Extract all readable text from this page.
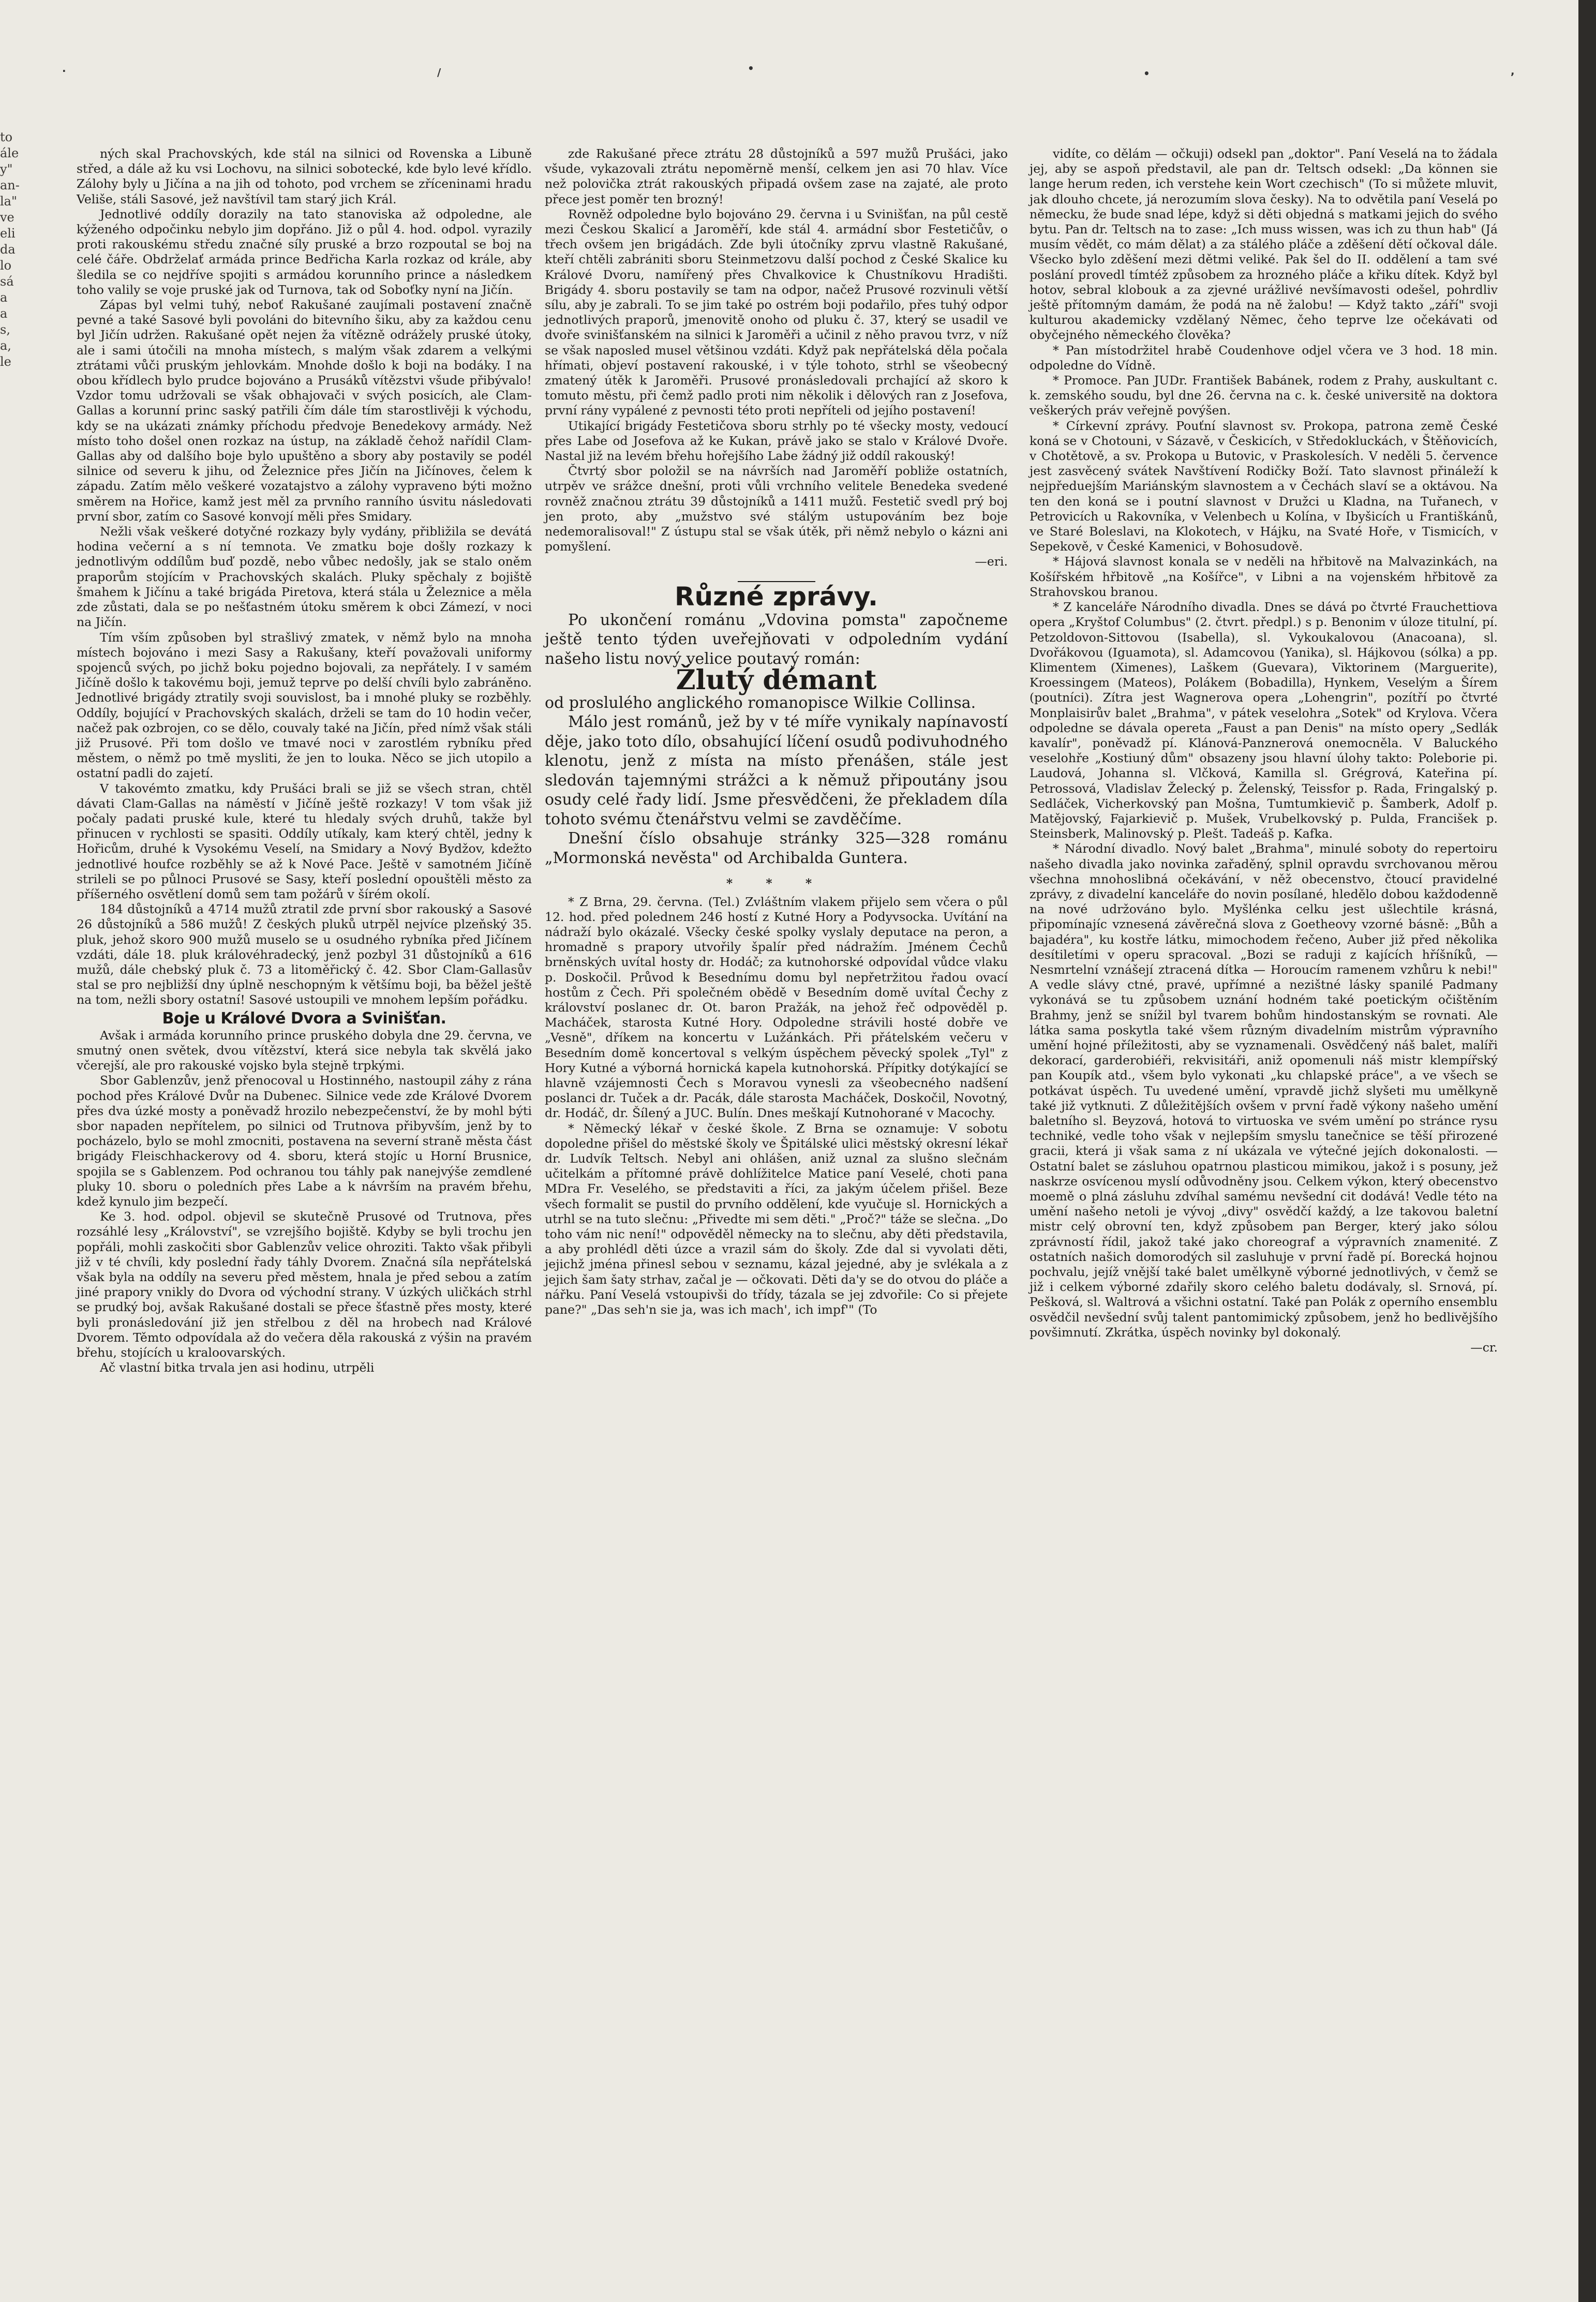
.	/	•	•	,
to
ále
y"
an-
la"
ve
eli
da
lo
sá
a
a
s,
a,
le

ných skal Prachovských, kde stál na silnici od Rovenska a Libuně střed, a dále až ku vsi Lochovu, na silnici sobotecké, kde bylo levé křídlo. Zálohy byly u Jičína a na jih od tohoto, pod vrchem se zříceninami hradu Veliše, stáli Sasové, jež navštívil tam starý jich Král.

Jednotlivé oddíly dorazily na tato stanoviska až odpoledne, ale kýženého odpočinku nebylo jim dopřáno. Již o půl 4. hod. odpol. vyrazily proti rakouskému středu značné síly pruské a brzo rozpoutal se boj na celé čáře. Obdrželať armáda prince Bedřicha Karla rozkaz od krále, aby šledila se co nejdříve spojiti s armádou korunního prince a následkem toho valily se voje pruské jak od Turnova, tak od Soboťky nyní na Jičín.

Zápas byl velmi tuhý, neboť Rakušané zaujímali postavení značně pevné a také Sasové byli povoláni do bitevního šiku, aby za každou cenu byl Jičín udržen. Rakušané opět nejen ža vítězně odrážely pruské útoky, ale i sami útočili na mnoha místech, s malým však zdarem a velkými ztrátami vůči pruským jehlovkám. Mnohde došlo k boji na bodáky. I na obou křídlech bylo prudce bojováno a Prusáků vítězstvi všude přibývalo! Vzdor tomu udržovali se však obhajovači v svých posicích, ale Clam-Gallas a korunní princ saský patřili čím dále tím starostlivěji k východu, kdy se na ukázati známky příchodu předvoje Benedekovy armády. Než místo toho došel onen rozkaz na ústup, na základě čehož nařídil Clam-Gallas aby od dalšího boje bylo upuštěno a sbory aby postavily se podél silnice od severu k jihu, od Železnice přes Jičín na Jičínoves, čelem k západu. Zatím mělo veškeré vozatajstvo a zálohy vypraveno býti možno směrem na Hořice, kamž jest měl za prvního ranního úsvitu následovati první sbor, zatím co Sasové konvojí měli přes Smidary.

Nežli však veškeré dotyčné rozkazy byly vydány, přibližila se devátá hodina večerní a s ní temnota. Ve zmatku boje došly rozkazy k jednotlivým oddílům buď pozdě, nebo vůbec nedošly, jak se stalo oněm praporům stojícím v Prachovských skalách. Pluky spěchaly z bojiště šmahem k Jičínu a také brigáda Piretova, která stála u Železnice a měla zde zůstati, dala se po nešťastném útoku směrem k obci Zámezí, v noci na Jičín.

Tím vším způsoben byl strašlivý zmatek, v němž bylo na mnoha místech bojováno i mezi Sasy a Rakušany, kteří považovali uniformy spojenců svých, po jichž boku pojedno bojovali, za nepřátely. I v samém Jičíně došlo k takovému boji, jemuž teprve po delší chvíli bylo zabráněno. Jednotlivé brigády ztratily svoji souvislost, ba i mnohé pluky se rozběhly. Oddíly, bojující v Prachovských skalách, drželi se tam do 10 hodin večer, načež pak ozbrojen, co se dělo, couvaly také na Jičín, před nímž však stáli již Prusové. Při tom došlo ve tmavé noci v zarostlém rybníku před městem, o němž po tmě mysliti, že jen to louka. Něco se jich utopilo a ostatní padli do zajetí.

V takovémto zmatku, kdy Prušáci brali se již se všech stran, chtěl dávati Clam-Gallas na náměstí v Jičíně ještě rozkazy! V tom však již počaly padati pruské kule, které tu hledaly svých druhů, takže byl přinucen v rychlosti se spasiti. Oddíly utíkaly, kam který chtěl, jedny k Hořicům, druhé k Vysokému Veselí, na Smidary a Nový Bydžov, kdežto jednotlivé houfce rozběhly se až k Nové Pace. Ještě v samotném Jičíně strileli se po půlnoci Prusové se Sasy, kteří poslední opouštěli město za příšerného osvětlení domů sem tam požárů v šírém okolí.

184 důstojníků a 4714 mužů ztratil zde první sbor rakouský a Sasové 26 důstojníků a 586 mužů! Z českých pluků utrpěl nejvíce plzeňský 35. pluk, jehož skoro 900 mužů muselo se u osudného rybníka před Jičínem vzdáti, dále 18. pluk královéhradecký, jenž pozbyl 31 důstojníků a 616 mužů, dále chebský pluk č. 73 a litoměřický č. 42. Sbor Clam-Gallasův stal se pro nejbližší dny úplně neschopným k většímu boji, ba běžel ještě na tom, nežli sbory ostatní! Sasové ustoupili ve mnohem lepším pořádku.

Boje u Králové Dvora a Svinišťan.

Avšak i armáda korunního prince pruského dobyla dne 29. června, ve smutný onen světek, dvou vítězství, která sice nebyla tak skvělá jako včerejší, ale pro rakouské vojsko byla stejně trpkými.

Sbor Gablenzův, jenž přenocoval u Hostinného, nastoupil záhy z rána pochod přes Králové Dvůr na Dubenec. Silnice vede zde Králové Dvorem přes dva úzké mosty a poněvadž hrozilo nebezpečenství, že by mohl býti sbor napaden nepřítelem, po silnici od Trutnova přibyvším, jenž by to pocházelo, bylo se mohl zmocniti, postavena na severní straně města část brigády Fleischhackerovy od 4. sboru, která stojíc u Horní Brusnice, spojila se s Gablenzem. Pod ochranou tou táhly pak nanejvýše zemdlené pluky 10. sboru o poledních přes Labe a k návrším na pravém břehu, kdež kynulo jim bezpečí.

Ke 3. hod. odpol. objevil se skutečně Prusové od Trutnova, přes rozsáhlé lesy „Království", se vzrejšího bojiště. Kdyby se byli trochu jen popřáli, mohli zaskočiti sbor Gablenzův velice ohroziti. Takto však přibyli již v té chvíli, kdy poslední řady táhly Dvorem. Značná síla nepřátelská však byla na oddíly na severu před městem, hnala je před sebou a zatím jiné prapory vnikly do Dvora od východní strany. V úzkých uličkách strhl se prudký boj, avšak Rakušané dostali se přece šťastně přes mosty, které byli pronásledování již jen střelbou z děl na hrobech nad Králové Dvorem. Těmto odpovídala až do večera děla rakouská z výšin na pravém břehu, stojících u kraloovarských.

Ač vlastní bitka trvala jen asi hodinu, utrpěli

zde Rakušané přece ztrátu 28 důstojníků a 597 mužů Prušáci, jako všude, vykazovali ztrátu nepoměrně menší, celkem jen asi 70 hlav. Více než polovička ztrát rakouských připadá ovšem zase na zajaté, ale proto přece jest poměr ten brozný!

Rovněž odpoledne bylo bojováno 29. června i u Svinišťan, na půl cestě mezi Českou Skalicí a Jaroměří, kde stál 4. armádní sbor Festetičův, o třech ovšem jen brigádách. Zde byli útočníky zprvu vlastně Rakušané, kteří chtěli zabrániti sboru Steinmetzovu další pochod z České Skalice ku Králové Dvoru, namířený přes Chvalkovice k Chustníkovu Hradišti. Brigády 4. sboru postavily se tam na odpor, načež Prusové rozvinuli větší sílu, aby je zabrali. To se jim také po ostrém boji podařilo, přes tuhý odpor jednotlivých praporů, jmenovitě onoho od pluku č. 37, který se usadil ve dvoře svinišťanském na silnici k Jaroměři a učinil z něho pravou tvrz, v níž se však naposled musel většinou vzdáti. Když pak nepřátelská děla počala hřímati, objeví postavení rakouské, i v týle tohoto, strhl se všeobecný zmatený útěk k Jaroměři. Prusové pronásledovali prchající až skoro k tomuto městu, při čemž padlo proti nim několik i dělových ran z Josefova, první rány vypálené z pevnosti této proti nepříteli od jejího postavení!

Utikající brigády Festetičova sboru strhly po té všecky mosty, vedoucí přes Labe od Josefova až ke Kukan, právě jako se stalo v Králové Dvoře. Nastal již na levém břehu hořejšího Labe žádný již oddíl rakouský!

Čtvrtý sbor položil se na návrších nad Jaroměří pobliže ostatních, utrpěv ve srážce dnešní, proti vůli vrchního velitele Benedeka svedené rovněž značnou ztrátu 39 důstojníků a 1411 mužů. Festetič svedl prý boj jen proto, aby „mužstvo své stálým ustupováním bez boje nedemoralisoval!" Z ústupu stal se však útěk, při němž nebylo o kázni ani pomyšlení.

—eri.

Různé zprávy.

Po ukončení románu „Vdovina pomsta" započneme ještě tento týden uveřejňovati v odpoledním vydání našeho listu nový velice poutavý román:

Žlutý démant

od proslulého anglického romanopisce Wilkie Collinsa.

Málo jest románů, jež by v té míře vynikaly napínavostí děje, jako toto dílo, obsahující líčení osudů podivuhodného klenotu, jenž z místa na místo přenášen, stále jest sledován tajemnými strážci a k němuž připoutány jsou osudy celé řady lidí. Jsme přesvědčeni, že překladem díla tohoto svému čtenářstvu velmi se zavděčíme.

Dnešní číslo obsahuje stránky 325—328 románu „Mormonská nevěsta" od Archibalda Guntera.

* * *

* Z Brna, 29. června. (Tel.) Zvláštním vlakem přijelo sem včera o půl 12. hod. před polednem 246 hostí z Kutné Hory a Podyvsocka. Uvítání na nádraží bylo okázalé. Všecky české spolky vyslaly deputace na peron, a hromadně s prapory utvořily špalír před nádražím. Jménem Čechů brněnských uvítal hosty dr. Hodáč; za kutnohorské odpovídal vůdce vlaku p. Doskočil. Průvod k Besednímu domu byl nepřetržitou řadou ovací hostům z Čech. Při společném obědě v Besedním domě uvítal Čechy z království poslanec dr. Ot. baron Pražák, na jehož řeč odpověděl p. Macháček, starosta Kutné Hory. Odpoledne strávili hosté dobře ve „Vesně", dříkem na koncertu v Lužánkách. Při přátelském večeru v Besedním domě koncertoval s velkým úspěchem pěvecký spolek „Tyl" z Hory Kutné a výborná hornická kapela kutnohorská. Přípitky dotýkající se hlavně vzájemnosti Čech s Moravou vynesli za všeobecného nadšení poslanci dr. Tuček a dr. Pacák, dále starosta Macháček, Doskočil, Novotný, dr. Hodáč, dr. Šílený a JUC. Bulín. Dnes meškají Kutnohorané v Macochy.

* Německý lékař v české škole. Z Brna se oznamuje: V sobotu dopoledne přišel do městské školy ve Špitálské ulici městský okresní lékař dr. Ludvík Teltsch. Nebyl ani ohlášen, aniž uznal za slušno slečnám učitelkám a přítomné právě dohlížitelce Matice paní Veselé, choti pana MDra Fr. Veselého, se představiti a říci, za jakým účelem přišel. Beze všech formalit se pustil do prvního oddělení, kde vyučuje sl. Hornických a utrhl se na tuto slečnu: „Přivedte mi sem děti." „Proč?" táže se slečna. „Do toho vám nic není!" odpověděl německy na to slečnu, aby děti představila, a aby prohlédl děti úzce a vrazil sám do školy. Zde dal si vyvolati děti, jejichž jména přinesl sebou v seznamu, kázal jejedné, aby je svlékala a z jejich šam šaty strhav, začal je — očkovati. Děti da'y se do otvou do pláče a nářku. Paní Veselá vstoupivši do třídy, tázala se jej zdvořile: Co si přejete pane?" „Das seh'n sie ja, was ich mach', ich impf'" (To

vidíte, co dělám — očkuji) odsekl pan „doktor". Paní Veselá na to žádala jej, aby se aspoň představil, ale pan dr. Teltsch odsekl: „Da können sie lange herum reden, ich verstehe kein Wort czechisch" (To si můžete mluvit, jak dlouho chcete, já nerozumím slova česky). Na to odvětila paní Veselá po německu, že bude snad lépe, když si děti objedná s matkami jejich do svého bytu. Pan dr. Teltsch na to zase: „Ich muss wissen, was ich zu thun hab" (Já musím vědět, co mám dělat) a za stálého pláče a zděšení dětí očkoval dále. Všecko bylo zděšení mezi dětmi veliké. Pak šel do II. oddělení a tam své poslání provedl tímtéž způsobem za hrozného pláče a křiku dítek. Když byl hotov, sebral klobouk a za zjevné urážlivé nevšímavosti odešel, pohrdliv ještě přítomným damám, že podá na ně žalobu! — Když takto „září" svoji kulturou akademicky vzdělaný Němec, čeho teprve lze očekávati od obyčejného německého člověka?

* Pan místodržitel hrabě Coudenhove odjel včera ve 3 hod. 18 min. odpoledne do Vídně.

* Promoce. Pan JUDr. František Babánek, rodem z Prahy, auskultant c. k. zemského soudu, byl dne 26. června na c. k. české universitě na doktora veškerých práv veřejně povýšen.

* Církevní zprávy. Pouťní slavnost sv. Prokopa, patrona země České koná se v Chotouni, v Sázavě, v Českicích, v Středokluckách, v Štěňovicích, v Chotětově, a sv. Prokopa u Butovic, v Praskolesích. V neděli 5. července jest zasvěcený svátek Navštívení Rodičky Boží. Tato slavnost přináleží k nejpředuejším Mariánským slavnostem a v Čechách slaví se a oktávou. Na ten den koná se i poutní slavnost v Družci u Kladna, na Tuřanech, v Petrovicích u Rakovníka, v Velenbech u Kolína, v Ibyšicích u Františkánů, ve Staré Boleslavi, na Klokotech, v Hájku, na Svaté Hoře, v Tismicích, v Sepekově, v České Kamenici, v Bohosudově.

* Hájová slavnost konala se v neděli na hřbitově na Malvazinkách, na Košířském hřbitově „na Košířce", v Libni a na vojenském hřbitově za Strahovskou branou.

* Z kanceláře Národního divadla. Dnes se dává po čtvrté Frauchettiova opera „Kryštof Columbus" (2. čtvrt. předpl.) s p. Benonim v úloze titulní, pí. Petzoldovon-Sittovou (Isabella), sl. Vykoukalovou (Anacoana), sl. Dvořákovou (Iguamota), sl. Adamcovou (Yanika), sl. Hájkovou (sólka) a pp. Klimentem (Ximenes), Laškem (Guevara), Viktorinem (Marguerite), Kroessingem (Mateos), Polákem (Bobadilla), Hynkem, Veselým a Šírem (poutníci). Zítra jest Wagnerova opera „Lohengrin", pozítří po čtvrté Monplaisirův balet „Brahma", v pátek veselohra „Sotek" od Krylova. Včera odpoledne se dávala opereta „Faust a pan Denis" na místo opery „Sedlák kavalír", poněvadž pí. Klánová-Panznerová onemocněla. V Baluckého veselohře „Kostiuný dům" obsazeny jsou hlavní úlohy takto: Poleborie pi. Laudová, Johanna sl. Vlčková, Kamilla sl. Grégrová, Kateřina pí. Petrossová, Vladislav Želecký p. Želenský, Teissfor p. Rada, Fringalský p. Sedláček, Vicherkovský pan Mošna, Tumtumkievič p. Šamberk, Adolf p. Matějovský, Fajarkievič p. Mušek, Vrubelkovský p. Pulda, Francišek p. Steinsberk, Malinovský p. Plešt. Tadeáš p. Kafka.

* Národní divadlo. Nový balet „Brahma", minulé soboty do repertoiru našeho divadla jako novinka zařaděný, splnil opravdu svrchovanou měrou všechna mnohoslibná očekávání, v něž obecenstvo, čtoucí pravidelné zprávy, z divadelní kanceláře do novin posílané, hledělo dobou každodenně na nové udržováno bylo. Myšlénka celku jest ušlechtile krásná, připomínajíc vznesená závěrečná slova z Goetheovy vzorné básně: „Bůh a bajadéra", ku kostře látku, mimochodem řečeno, Auber již před několika desítiletími v operu spracoval. „Bozi se raduji z kajících hříšníků, — Nesmrtelní vznášejí ztracená dítka — Horoucím ramenem vzhůru k nebi!" A vedle slávy ctné, pravé, upřímné a nezištné lásky spanilé Padmany vykonává se tu způsobem uznání hodném také poetickým očištěním Brahmy, jenž se snížil byl tvarem bohům hindostanským se rovnati. Ale látka sama poskytla také všem různým divadelním mistrům výpravního umění hojné příležitosti, aby se vyznamenali. Osvědčený náš balet, malíři dekorací, garderobiéři, rekvisitáři, aniž opomenuli náš mistr klempířský pan Koupík atd., všem bylo vykonati „ku chlapské práce", a ve všech se potkávat úspěch. Tu uvedené umění, vpravdě jichž slyšeti mu umělkyně také již vytknuti. Z důležitějších ovšem v první řadě výkony našeho umění baletního sl. Beyzová, hotová to virtuoska ve svém umění po stránce rysu techniké, vedle toho však v nejlepším smyslu tanečnice se těší přirozené gracii, která ji však sama z ní ukázala ve výtečné jejích dokonalosti. — Ostatní balet se zásluhou opatrnou plasticou mimikou, jakož i s posuny, jež naskrze osvícenou myslí odůvodněny jsou. Celkem výkon, který obecenstvo moemě o plná zásluhu zdvíhal samému nevšední cit dodává! Vedle této na umění našeho netoli je vývoj „divy" osvědčí každý, a lze takovou baletní mistr celý obrovní ten, když způsobem pan Berger, který jako sólou zprávností řídil, jakož také jako choreograf a výpravních znamenité. Z ostatních našich domorodých sil zasluhuje v první řadě pí. Borecká hojnou pochvalu, jejíž vnější také balet umělkyně výborné jednotlivých, v čemž se již i celkem výborné zdařily skoro celého baletu dodávaly, sl. Srnová, pí. Pešková, sl. Waltrová a všichni ostatní. Také pan Polák z operního ensemblu osvědčil nevšední svůj talent pantomimický způsobem, jenž ho bedlivějšího povšimnutí. Zkrátka, úspěch novinky byl dokonalý.

—cr.
